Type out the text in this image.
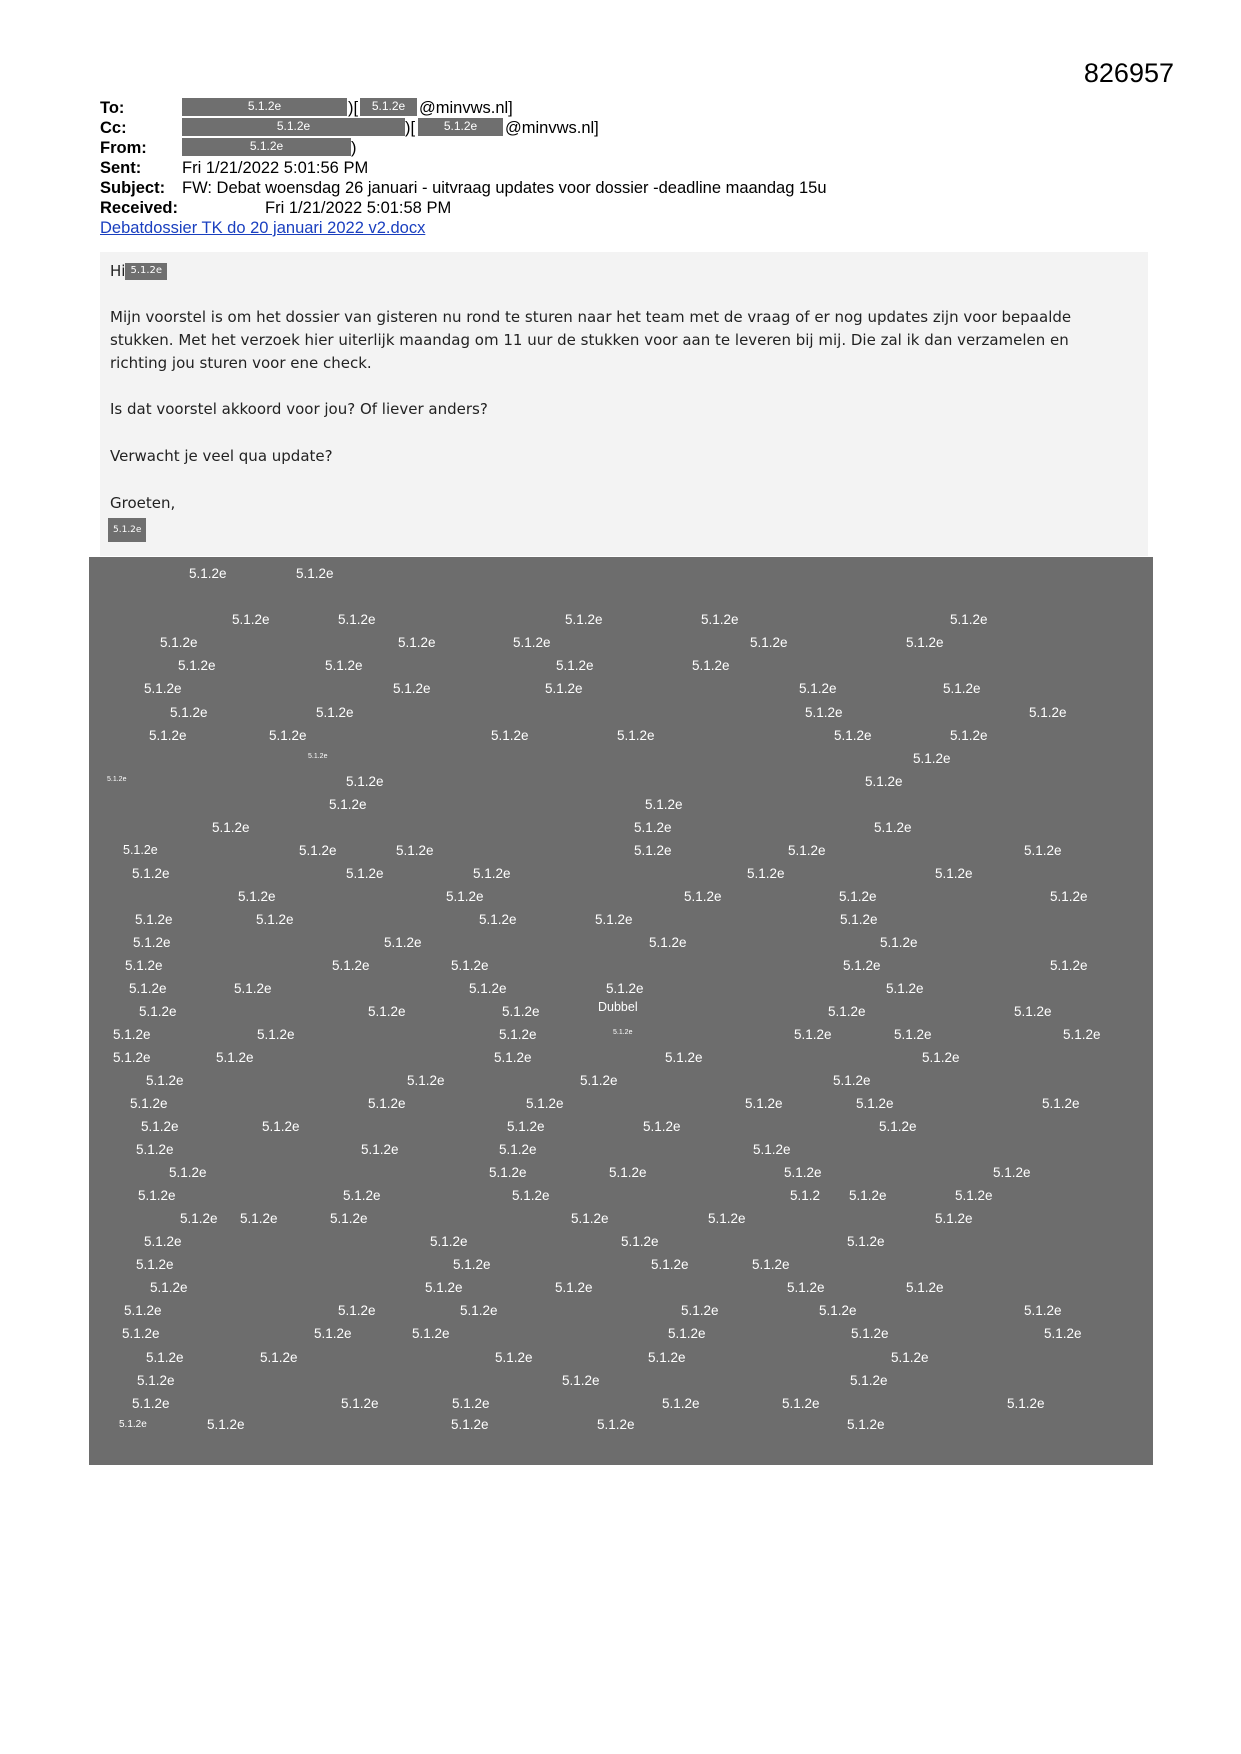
826957
To:	5.1.2e	)[	5.1.2e @minvws.nl]
Cc:	5.1.2e	)[	5.1.2e	@minvws.nl]
From:	5.1.2e	)
Sent: Fri 1/21/2022 5:01:56 PM
Subject: FW: Debat woensdag 26 januari - uitvraag updates voor dossier -deadline maandag 15u
Received:	Fri 1/21/2022 5:01:58 PM
Debatdossier TK do 20 januari 2022 v2.docx
Hi 5.1.2e
Mijn voorstel is om het dossier van gisteren nu rond te sturen naar het team met de vraag of er nog updates zijn voor bepaalde
stukken. Met het verzoek hier uiterlijk maandag om 11 uur de stukken voor aan te leveren bij mij. Die zal ik dan verzamelen en
richting jou sturen voor ene check.
Is dat voorstel akkoord voor jou? Of liever anders?
Verwacht je veel qua update?
Groeten,
5.1.2e
5.1.2e	5.1.2e
5.1.2e	5.1.2e	5.1.2e	5.1.2e	5.1.2e
5.1.2e	5.1.2e	5.1.2e	5.1.2e	5.1.2e
5.1.2e	5.1.2e	5.1.2e	5.1.2e
5.1.2e	5.1.2e	5.1.2e	5.1.2e	5.1.2e
5.1.2e	5.1.2e	5.1.2e	5.1.2e
5.1.2e	5.1.2e	5.1.2e	5.1.2e	5.1.2e	5.1.2e
5.1.2e	5.1.2e
5.1.2e	5.1.2e	5.1.2e
5.1.2e	5.1.2e
5.1.2e	5.1.2e	5.1.2e
5.1.2e	5.1.2e	5.1.2e	5.1.2e	5.1.2e	5.1.2e
5.1.2e	5.1.2e	5.1.2e	5.1.2e	5.1.2e
5.1.2e	5.1.2e	5.1.2e	5.1.2e	5.1.2e
5.1.2e	5.1.2e	5.1.2e	5.1.2e	5.1.2e
5.1.2e	5.1.2e	5.1.2e	5.1.2e
5.1.2e	5.1.2e	5.1.2e	5.1.2e	5.1.2e
5.1.2e	5.1.2e	5.1.2e	5.1.2e	5.1.2e
5.1.2e	5.1.2e	5.1.2e	Dubbel	5.1.2e	5.1.2e
5.1.2e	5.1.2e	5.1.2e	5.1.2e	5.1.2e	5.1.2e	5.1.2e
5.1.2e	5.1.2e	5.1.2e	5.1.2e	5.1.2e
5.1.2e	5.1.2e	5.1.2e	5.1.2e
5.1.2e	5.1.2e	5.1.2e	5.1.2e	5.1.2e	5.1.2e
5.1.2e	5.1.2e	5.1.2e	5.1.2e	5.1.2e
5.1.2e	5.1.2e	5.1.2e	5.1.2e
5.1.2e	5.1.2e	5.1.2e	5.1.2e	5.1.2e
5.1.2e	5.1.2e	5.1.2e	5.1.2 5.1.2e	5.1.2e
5.1.2e 5.1.2e	5.1.2e	5.1.2e	5.1.2e	5.1.2e
5.1.2e	5.1.2e	5.1.2e	5.1.2e
5.1.2e	5.1.2e	5.1.2e	5.1.2e
5.1.2e	5.1.2e	5.1.2e	5.1.2e	5.1.2e
5.1.2e	5.1.2e	5.1.2e	5.1.2e	5.1.2e	5.1.2e
5.1.2e	5.1.2e	5.1.2e	5.1.2e	5.1.2e	5.1.2e
5.1.2e	5.1.2e	5.1.2e	5.1.2e	5.1.2e
5.1.2e	5.1.2e	5.1.2e
5.1.2e	5.1.2e	5.1.2e	5.1.2e	5.1.2e	5.1.2e
5.1.2e	5.1.2e	5.1.2e	5.1.2e	5.1.2e
